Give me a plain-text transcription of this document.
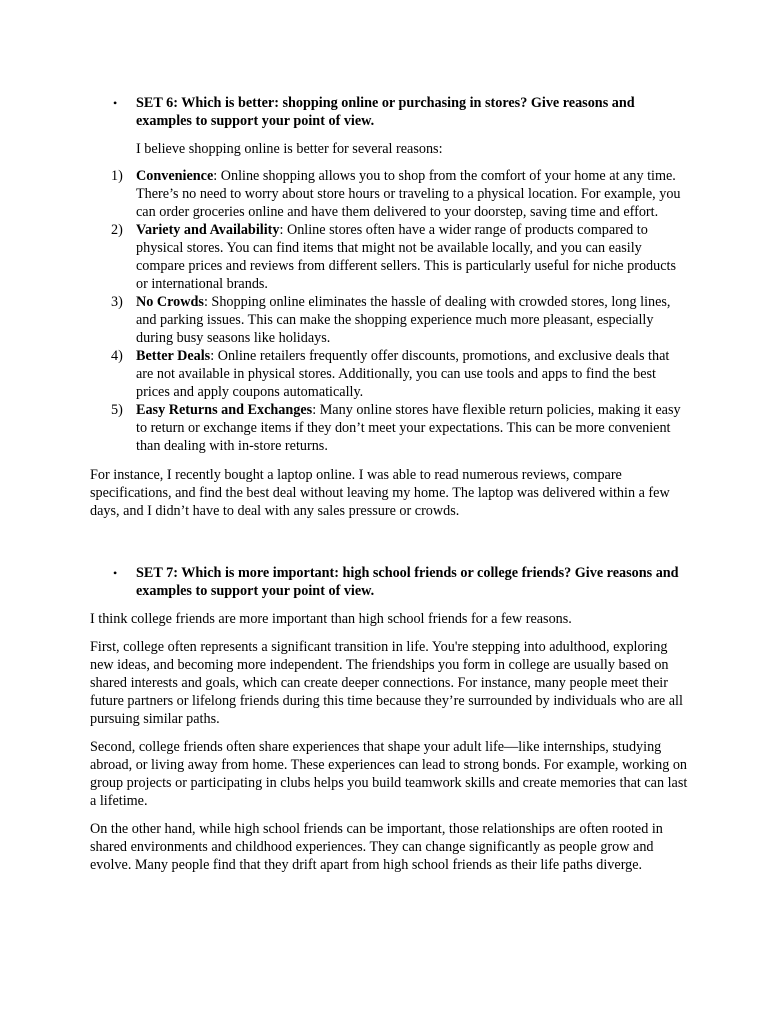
• SET 6: Which is better: shopping online or purchasing in stores? Give reasons and examples to support your point of view.
I believe shopping online is better for several reasons:
1) Convenience: Online shopping allows you to shop from the comfort of your home at any time. There’s no need to worry about store hours or traveling to a physical location. For example, you can order groceries online and have them delivered to your doorstep, saving time and effort.
2) Variety and Availability: Online stores often have a wider range of products compared to physical stores. You can find items that might not be available locally, and you can easily compare prices and reviews from different sellers. This is particularly useful for niche products or international brands.
3) No Crowds: Shopping online eliminates the hassle of dealing with crowded stores, long lines, and parking issues. This can make the shopping experience much more pleasant, especially during busy seasons like holidays.
4) Better Deals: Online retailers frequently offer discounts, promotions, and exclusive deals that are not available in physical stores. Additionally, you can use tools and apps to find the best prices and apply coupons automatically.
5) Easy Returns and Exchanges: Many online stores have flexible return policies, making it easy to return or exchange items if they don’t meet your expectations. This can be more convenient than dealing with in-store returns.

For instance, I recently bought a laptop online. I was able to read numerous reviews, compare specifications, and find the best deal without leaving my home. The laptop was delivered within a few days, and I didn’t have to deal with any sales pressure or crowds.

• SET 7: Which is more important: high school friends or college friends? Give reasons and examples to support your point of view.

I think college friends are more important than high school friends for a few reasons.

First, college often represents a significant transition in life. You're stepping into adulthood, exploring new ideas, and becoming more independent. The friendships you form in college are usually based on shared interests and goals, which can create deeper connections. For instance, many people meet their future partners or lifelong friends during this time because they’re surrounded by individuals who are all pursuing similar paths.

Second, college friends often share experiences that shape your adult life—like internships, studying abroad, or living away from home. These experiences can lead to strong bonds. For example, working on group projects or participating in clubs helps you build teamwork skills and create memories that can last a lifetime.

On the other hand, while high school friends can be important, those relationships are often rooted in shared environments and childhood experiences. They can change significantly as people grow and evolve. Many people find that they drift apart from high school friends as their life paths diverge.
